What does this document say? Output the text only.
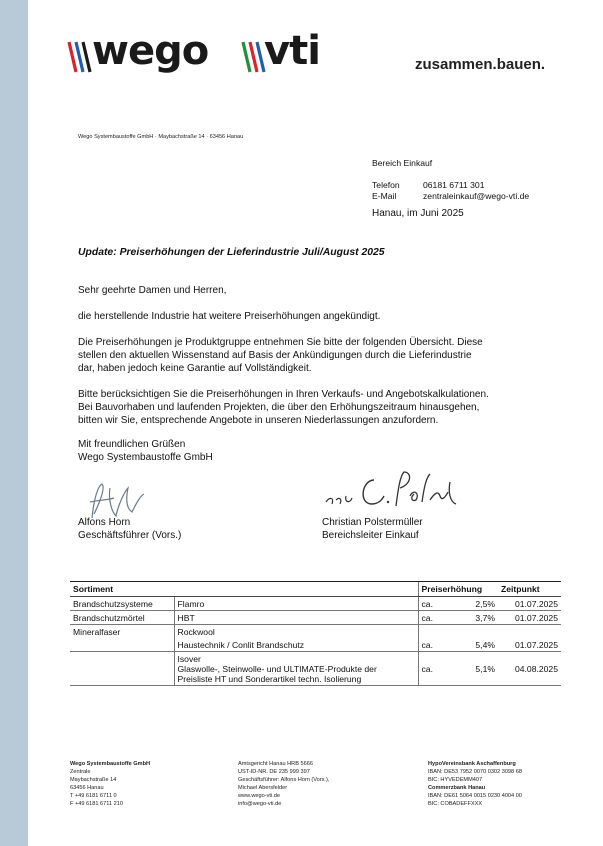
wego vti	zusammen.bauen.
Wego Systembaustoffe GmbH · Maybachstraße 14 · 63456 Hanau
Bereich Einkauf
Telefon	06181 6711 301
E-Mail	zentraleinkauf@wego-vti.de
Hanau, im Juni 2025
Update: Preiserhöhungen der Lieferindustrie Juli/August 2025
Sehr geehrte Damen und Herren,
die herstellende Industrie hat weitere Preiserhöhungen angekündigt.
Die Preiserhöhungen je Produktgruppe entnehmen Sie bitte der folgenden Übersicht. Diese
stellen den aktuellen Wissenstand auf Basis der Ankündigungen durch die Lieferindustrie
dar, haben jedoch keine Garantie auf Vollständigkeit.
Bitte berücksichtigen Sie die Preiserhöhungen in Ihren Verkaufs- und Angebotskalkulationen.
Bei Bauvorhaben und laufenden Projekten, die über den Erhöhungszeitraum hinausgehen,
bitten wir Sie, entsprechende Angebote in unseren Niederlassungen anzufordern.
Mit freundlichen Grüßen
Wego Systembaustoffe GmbH
Alfons Horn
Geschäftsführer (Vors.)
Christian Polstermüller
Bereichsleiter Einkauf
Sortiment		Preiserhöhung		Zeitpunkt
Brandschutzsysteme	Flamro	ca.	2,5%	01.07.2025
Brandschutzmörtel	HBT	ca.	3,7%	01.07.2025
Mineralfaser	Rockwool			
	Haustechnik / Conlit Brandschutz	ca.	5,4%	01.07.2025

	Isover
Glaswolle-, Steinwolle- und ULTIMATE-Produkte der
Preisliste HT und Sonderartikel techn. Isolierung	ca.	5,1%	04.08.2025
Wego Systembaustoffe GmbH
Zentrale
Maybachstraße 14
63456 Hanau
T +49 6181 6711 0
F +49 6181 6711 210
Amtsgericht Hanau HRB 5666
UST-ID-NR. DE 235 999 397
Geschäftsführer: Alfons Horn (Vors.),
Michael Abersfelder
www.wego-vti.de
info@wego-vti.de
HypoVereinsbank Aschaffenburg
IBAN: DE53 7952 0070 0302 3098 68
BIC: HYVEDEMM407
Commerzbank Hanau
IBAN: DE61 5064 0015 0230 4004 00
BIC: COBADEFFXXX
